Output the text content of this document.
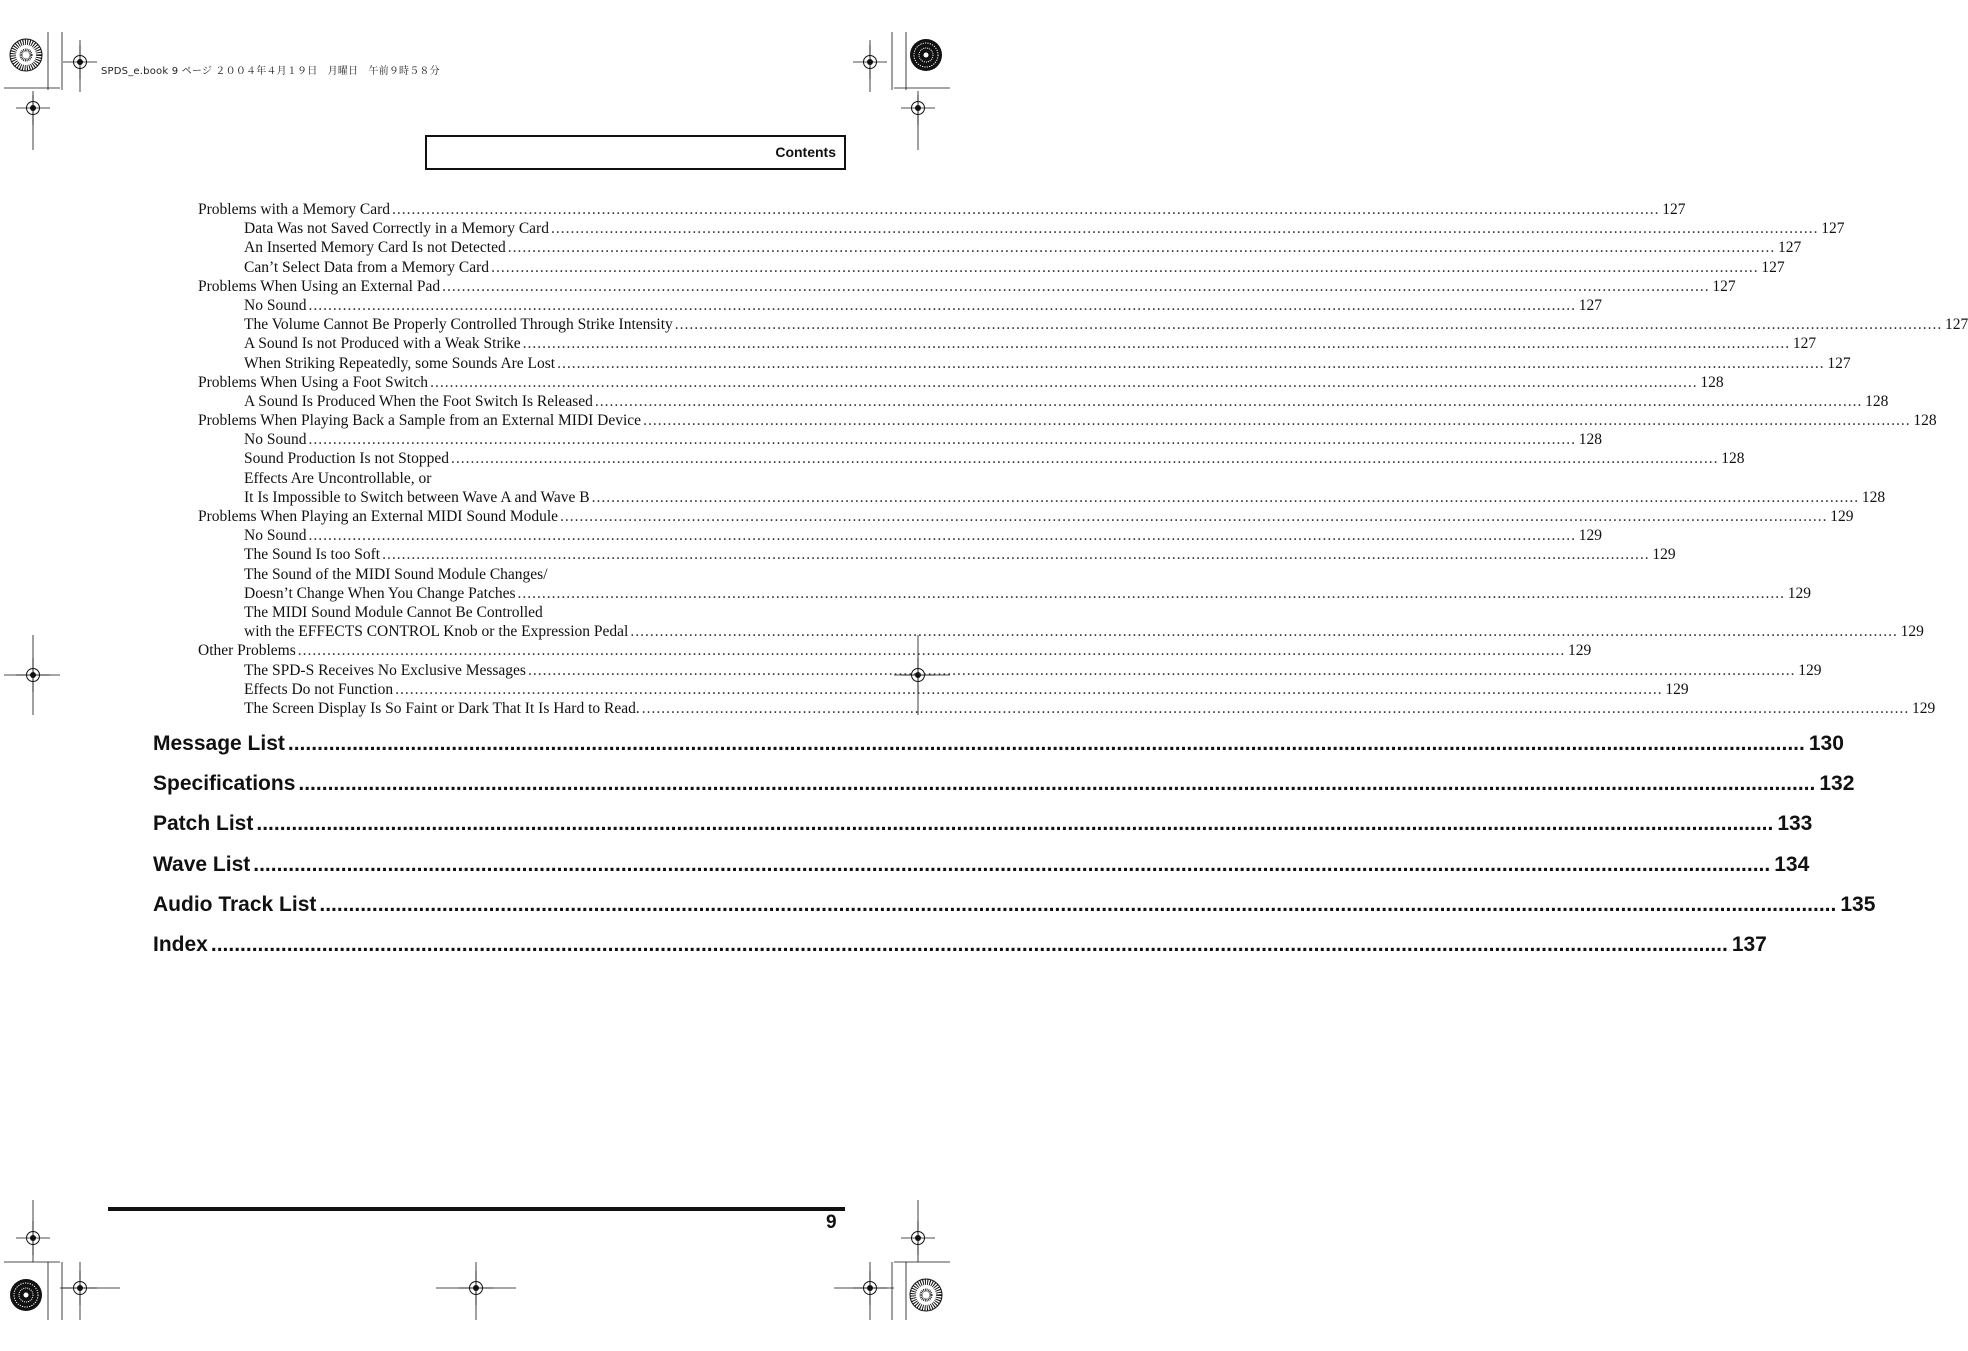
SPDS_e.book 9 ページ ２００４年４月１９日　月曜日　午前９時５８分
Contents
Problems with a Memory Card .................................................................................................................................................................................................................................................................... 127
Data Was not Saved Correctly in a Memory Card .................................................................................................................................................................................................................................................................... 127
An Inserted Memory Card Is not Detected .................................................................................................................................................................................................................................................................... 127
Can’t Select Data from a Memory Card .................................................................................................................................................................................................................................................................... 127
Problems When Using an External Pad .................................................................................................................................................................................................................................................................... 127
No Sound .................................................................................................................................................................................................................................................................... 127
The Volume Cannot Be Properly Controlled Through Strike Intensity .................................................................................................................................................................................................................................................................... 127
A Sound Is not Produced with a Weak Strike .................................................................................................................................................................................................................................................................... 127
When Striking Repeatedly, some Sounds Are Lost .................................................................................................................................................................................................................................................................... 127
Problems When Using a Foot Switch .................................................................................................................................................................................................................................................................... 128
A Sound Is Produced When the Foot Switch Is Released .................................................................................................................................................................................................................................................................... 128
Problems When Playing Back a Sample from an External MIDI Device .................................................................................................................................................................................................................................................................... 128
No Sound .................................................................................................................................................................................................................................................................... 128
Sound Production Is not Stopped .................................................................................................................................................................................................................................................................... 128
Effects Are Uncontrollable, or
It Is Impossible to Switch between Wave A and Wave B .................................................................................................................................................................................................................................................................... 128
Problems When Playing an External MIDI Sound Module .................................................................................................................................................................................................................................................................... 129
No Sound .................................................................................................................................................................................................................................................................... 129
The Sound Is too Soft .................................................................................................................................................................................................................................................................... 129
The Sound of the MIDI Sound Module Changes/
Doesn’t Change When You Change Patches .................................................................................................................................................................................................................................................................... 129
The MIDI Sound Module Cannot Be Controlled
with the EFFECTS CONTROL Knob or the Expression Pedal .................................................................................................................................................................................................................................................................... 129
Other Problems .................................................................................................................................................................................................................................................................... 129
The SPD-S Receives No Exclusive Messages .................................................................................................................................................................................................................................................................... 129
Effects Do not Function .................................................................................................................................................................................................................................................................... 129
The Screen Display Is So Faint or Dark That It Is Hard to Read. .................................................................................................................................................................................................................................................................... 129
Message List .................................................................................................................................................................................................................................................................... 130
Specifications .................................................................................................................................................................................................................................................................... 132
Patch List .................................................................................................................................................................................................................................................................... 133
Wave List .................................................................................................................................................................................................................................................................... 134
Audio Track List .................................................................................................................................................................................................................................................................... 135
Index .................................................................................................................................................................................................................................................................... 137
9
